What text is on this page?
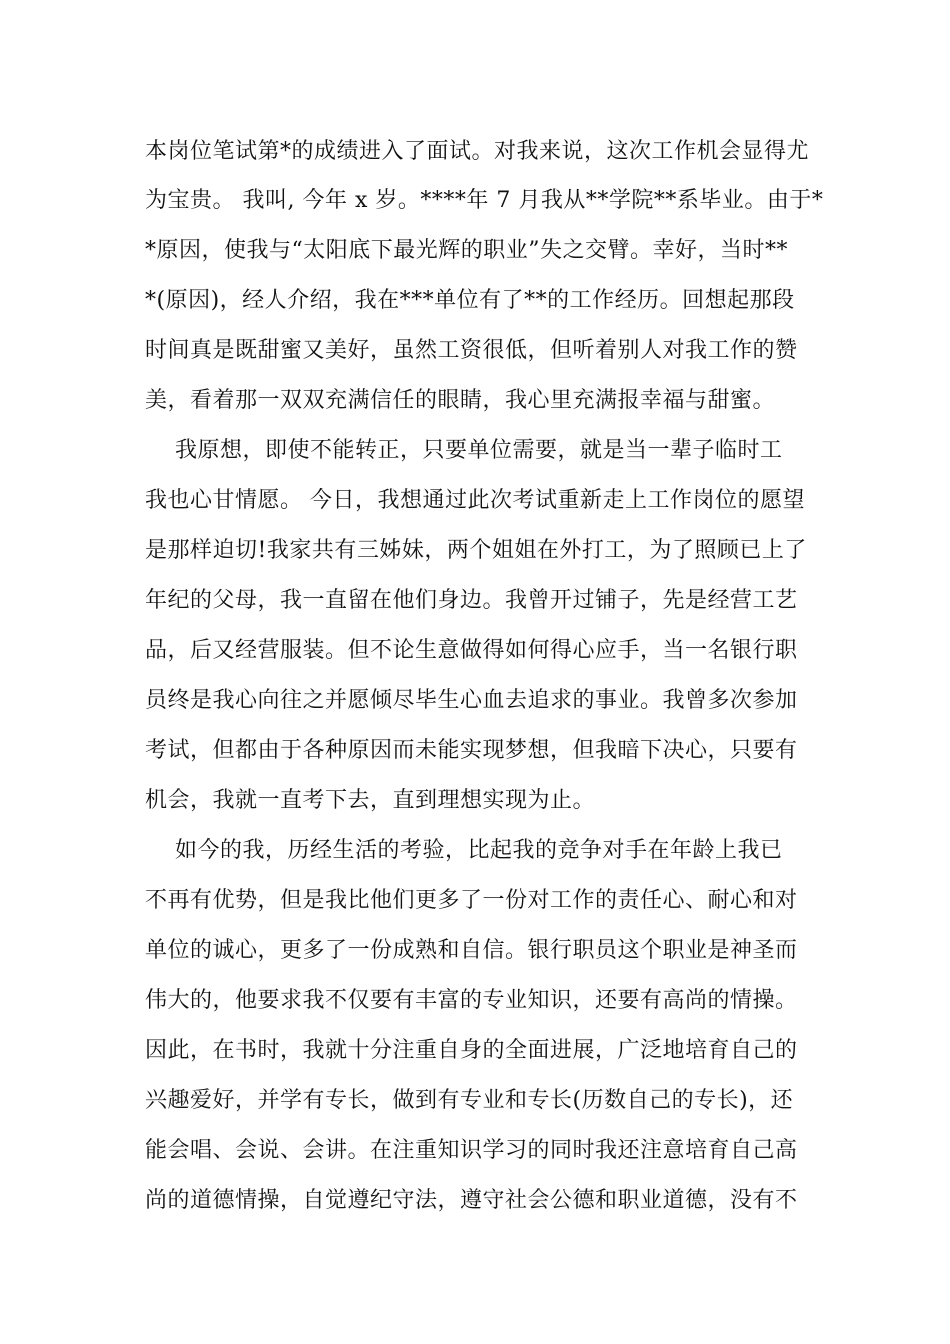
本岗位笔试第*的成绩进入了面试。对我来说，这次工作机会显得尤
为宝贵。 我叫, 今年 x 岁。****年 7 月我从**学院**系毕业。由于*
*原因，使我与“太阳底下最光辉的职业”失之交臂。幸好，当时**
*(原因)，经人介绍，我在***单位有了**的工作经历。回想起那段
时间真是既甜蜜又美好，虽然工资很低，但听着别人对我工作的赞
美，看着那一双双充满信任的眼睛，我心里充满报幸福与甜蜜。
我原想，即使不能转正，只要单位需要，就是当一辈子临时工
我也心甘情愿。 今日，我想通过此次考试重新走上工作岗位的愿望
是那样迫切!我家共有三姊妹，两个姐姐在外打工，为了照顾已上了
年纪的父母，我一直留在他们身边。我曾开过铺子，先是经营工艺
品，后又经营服装。但不论生意做得如何得心应手，当一名银行职
员终是我心向往之并愿倾尽毕生心血去追求的事业。我曾多次参加
考试，但都由于各种原因而未能实现梦想，但我暗下决心，只要有
机会，我就一直考下去，直到理想实现为止。
如今的我，历经生活的考验，比起我的竞争对手在年龄上我已
不再有优势，但是我比他们更多了一份对工作的责任心、耐心和对
单位的诚心，更多了一份成熟和自信。银行职员这个职业是神圣而
伟大的，他要求我不仅要有丰富的专业知识，还要有高尚的情操。
因此，在书时，我就十分注重自身的全面进展，广泛地培育自己的
兴趣爱好，并学有专长，做到有专业和专长(历数自己的专长)，还
能会唱、会说、会讲。在注重知识学习的同时我还注意培育自己高
尚的道德情操，自觉遵纪守法，遵守社会公德和职业道德，没有不
